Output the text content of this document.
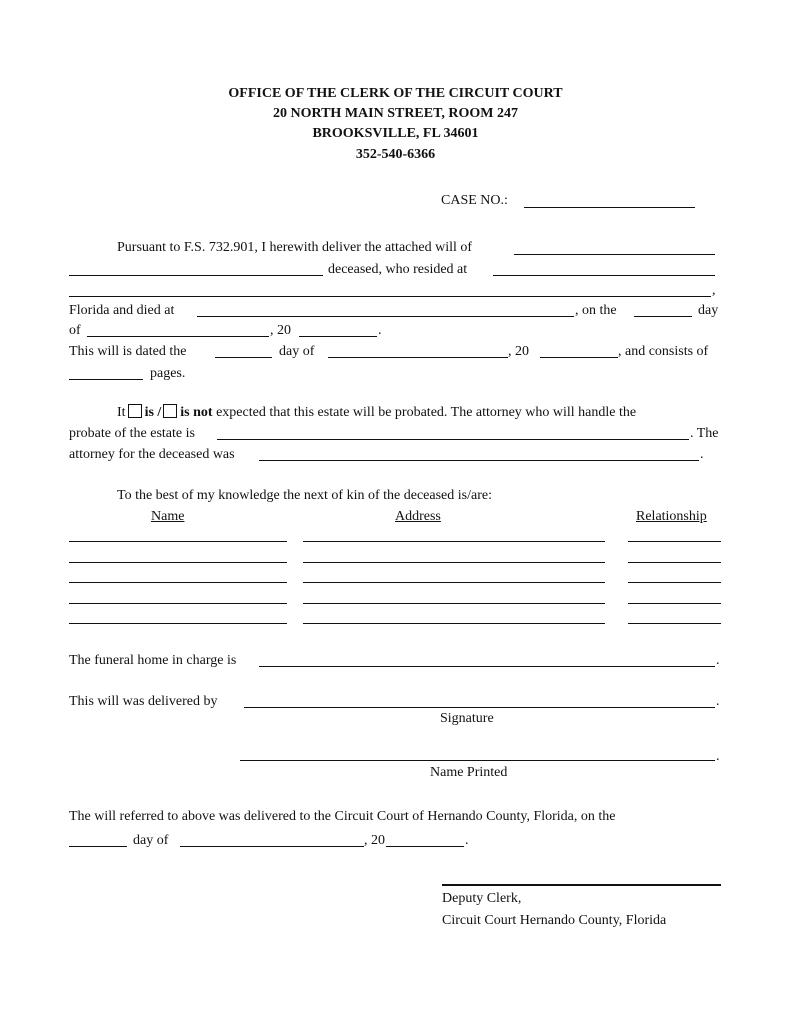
OFFICE OF THE CLERK OF THE CIRCUIT COURT
20 NORTH MAIN STREET, ROOM 247
BROOKSVILLE, FL 34601
352-540-6366
CASE NO.:
Pursuant to F.S. 732.901, I herewith deliver the attached will of
deceased, who resided at
,
Florida and died at	, on the	day
of	, 20	.
This will is dated the	day of	, 20	, and consists of
pages.
It is / is not expected that this estate will be probated. The attorney who will handle the
probate of the estate is	. The
attorney for the deceased was	.
To the best of my knowledge the next of kin of the deceased is/are:
Name	Address	Relationship
The funeral home in charge is	.
This will was delivered by	.
Signature
.
Name Printed
The will referred to above was delivered to the Circuit Court of Hernando County, Florida, on the
day of	, 20	.
Deputy Clerk,
Circuit Court Hernando County, Florida
